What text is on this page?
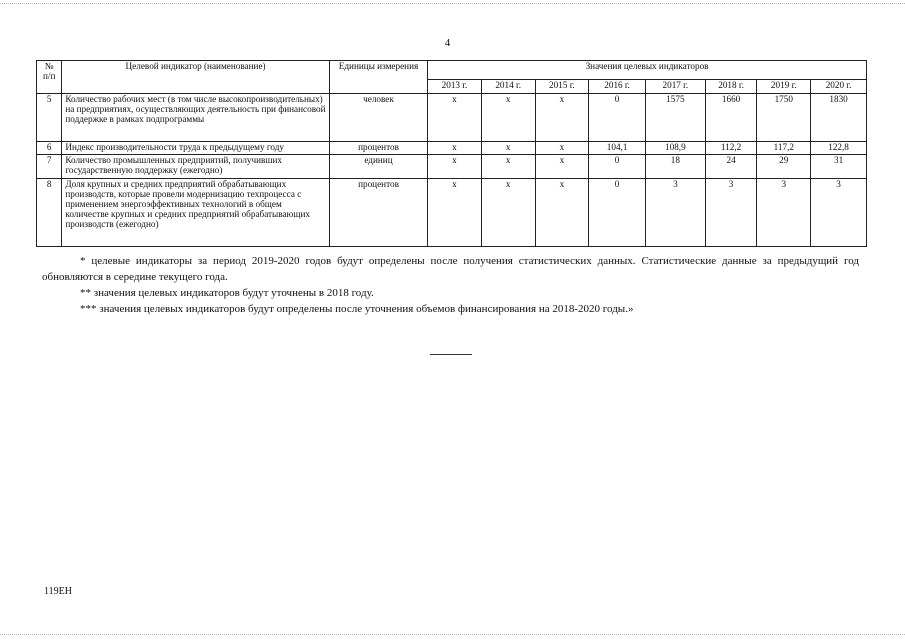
4
№ п/п	Целевой индикатор (наименование)	Единицы измерения	Значения целевых индикаторов							
			2013 г.	2014 г.	2015 г.	2016 г.	2017 г.	2018 г.	2019 г.	2020 г.
5	Количество рабочих мест (в том числе высокопроизводительных) на предприятиях, осуществляющих деятельность при финансовой поддержке в рамках подпрограммы	человек	x	x	x	0	1575	1660	1750	1830
6	Индекс производительности труда к предыдущему году	процентов	x	x	x	104,1	108,9	112,2	117,2	122,8
7	Количество промышленных предприятий, получивших государственную поддержку (ежегодно)	единиц	x	x	x	0	18	24	29	31
8	Доля крупных и средних предприятий обрабатывающих производств, которые провели модернизацию техпроцесса с применением энергоэффективных технологий в общем количестве крупных и средних предприятий обрабатывающих производств (ежегодно)	процентов	x	x	x	0	3	3	3	3

* целевые индикаторы за период 2019-2020 годов будут определены после получения статистических данных. Статистические данные за предыдущий год обновляются в середине текущего года.

** значения целевых индикаторов будут уточнены в 2018 году.

*** значения целевых индикаторов будут определены после уточнения объемов финансирования на 2018-2020 годы.»

119ЕН
